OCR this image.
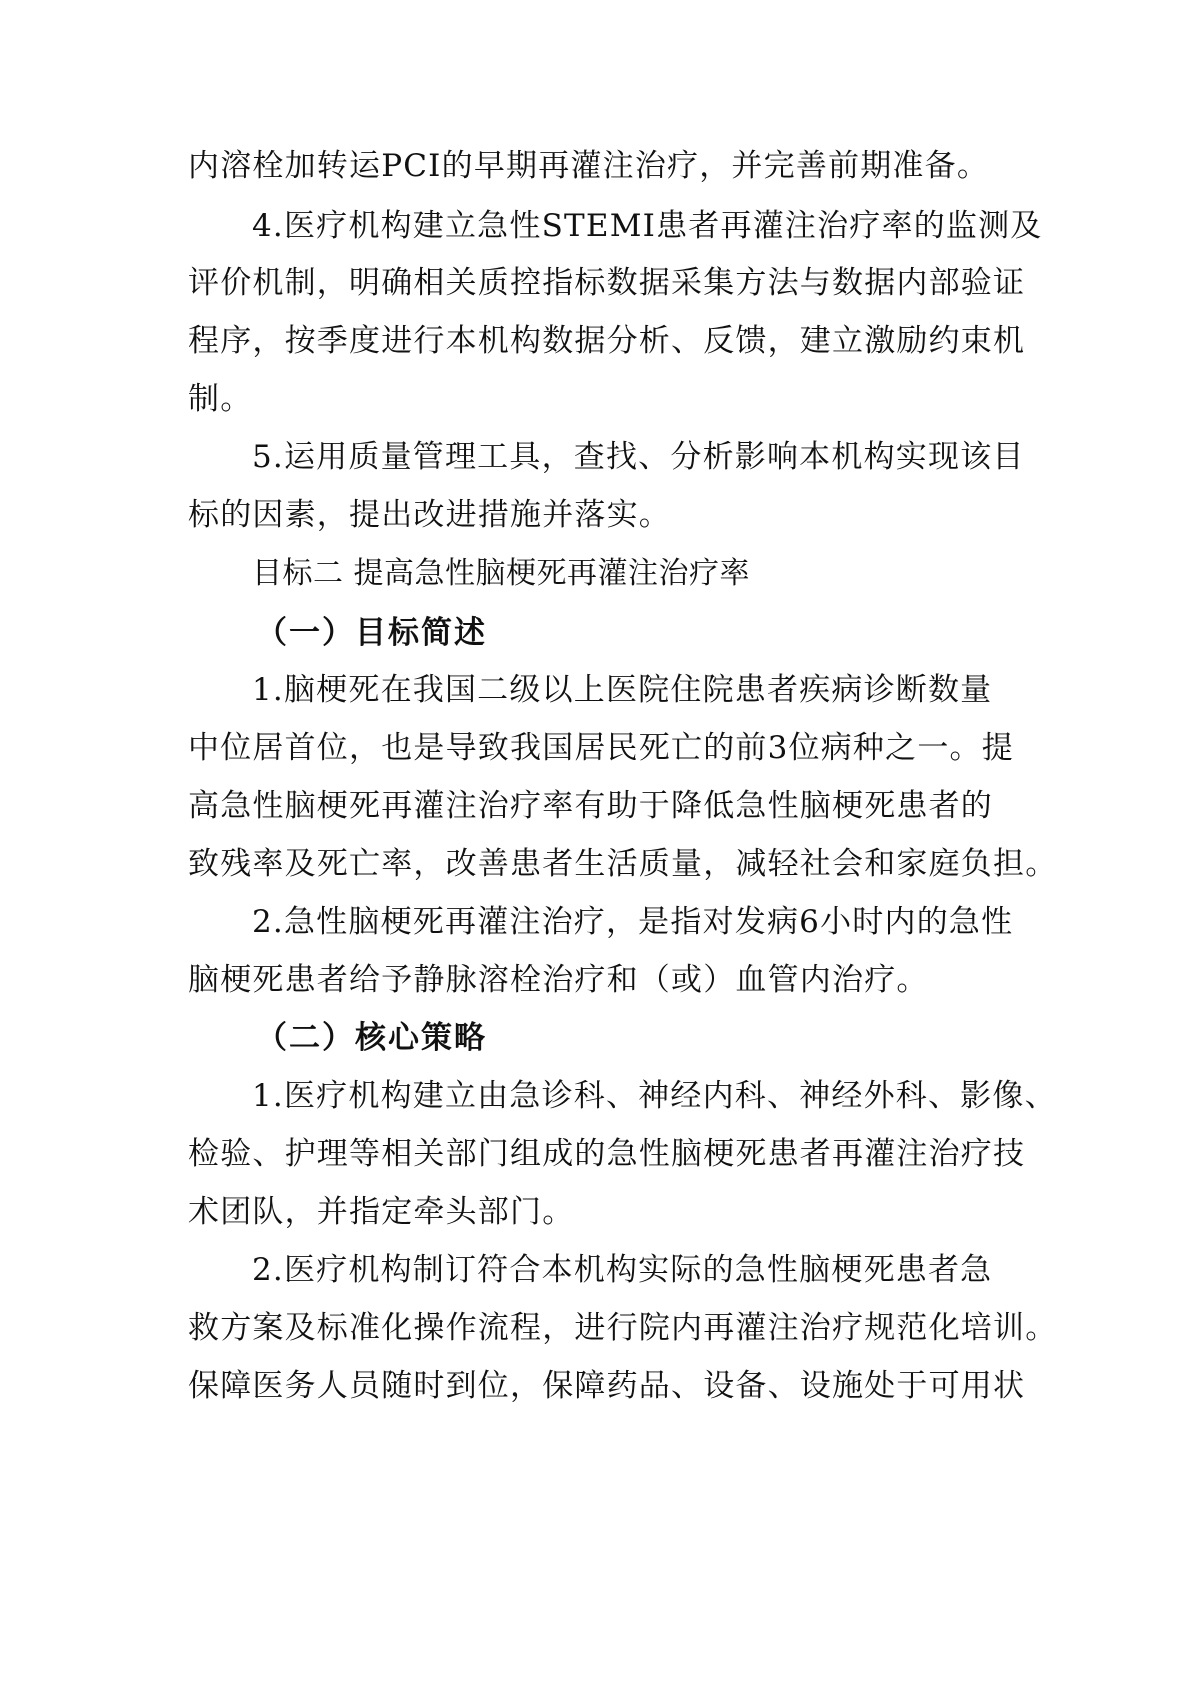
内溶栓加转运PCI的早期再灌注治疗，并完善前期准备。
4.医疗机构建立急性STEMI患者再灌注治疗率的监测及
评价机制，明确相关质控指标数据采集方法与数据内部验证
程序，按季度进行本机构数据分析、反馈，建立激励约束机
制。
5.运用质量管理工具，查找、分析影响本机构实现该目
标的因素，提出改进措施并落实。
目标二 提高急性脑梗死再灌注治疗率
（一）目标简述
1.脑梗死在我国二级以上医院住院患者疾病诊断数量
中位居首位，也是导致我国居民死亡的前3位病种之一。提
高急性脑梗死再灌注治疗率有助于降低急性脑梗死患者的
致残率及死亡率，改善患者生活质量，减轻社会和家庭负担。
2.急性脑梗死再灌注治疗，是指对发病6小时内的急性
脑梗死患者给予静脉溶栓治疗和（或）血管内治疗。
（二）核心策略
1.医疗机构建立由急诊科、神经内科、神经外科、影像、
检验、护理等相关部门组成的急性脑梗死患者再灌注治疗技
术团队，并指定牵头部门。
2.医疗机构制订符合本机构实际的急性脑梗死患者急
救方案及标准化操作流程，进行院内再灌注治疗规范化培训。
保障医务人员随时到位，保障药品、设备、设施处于可用状
